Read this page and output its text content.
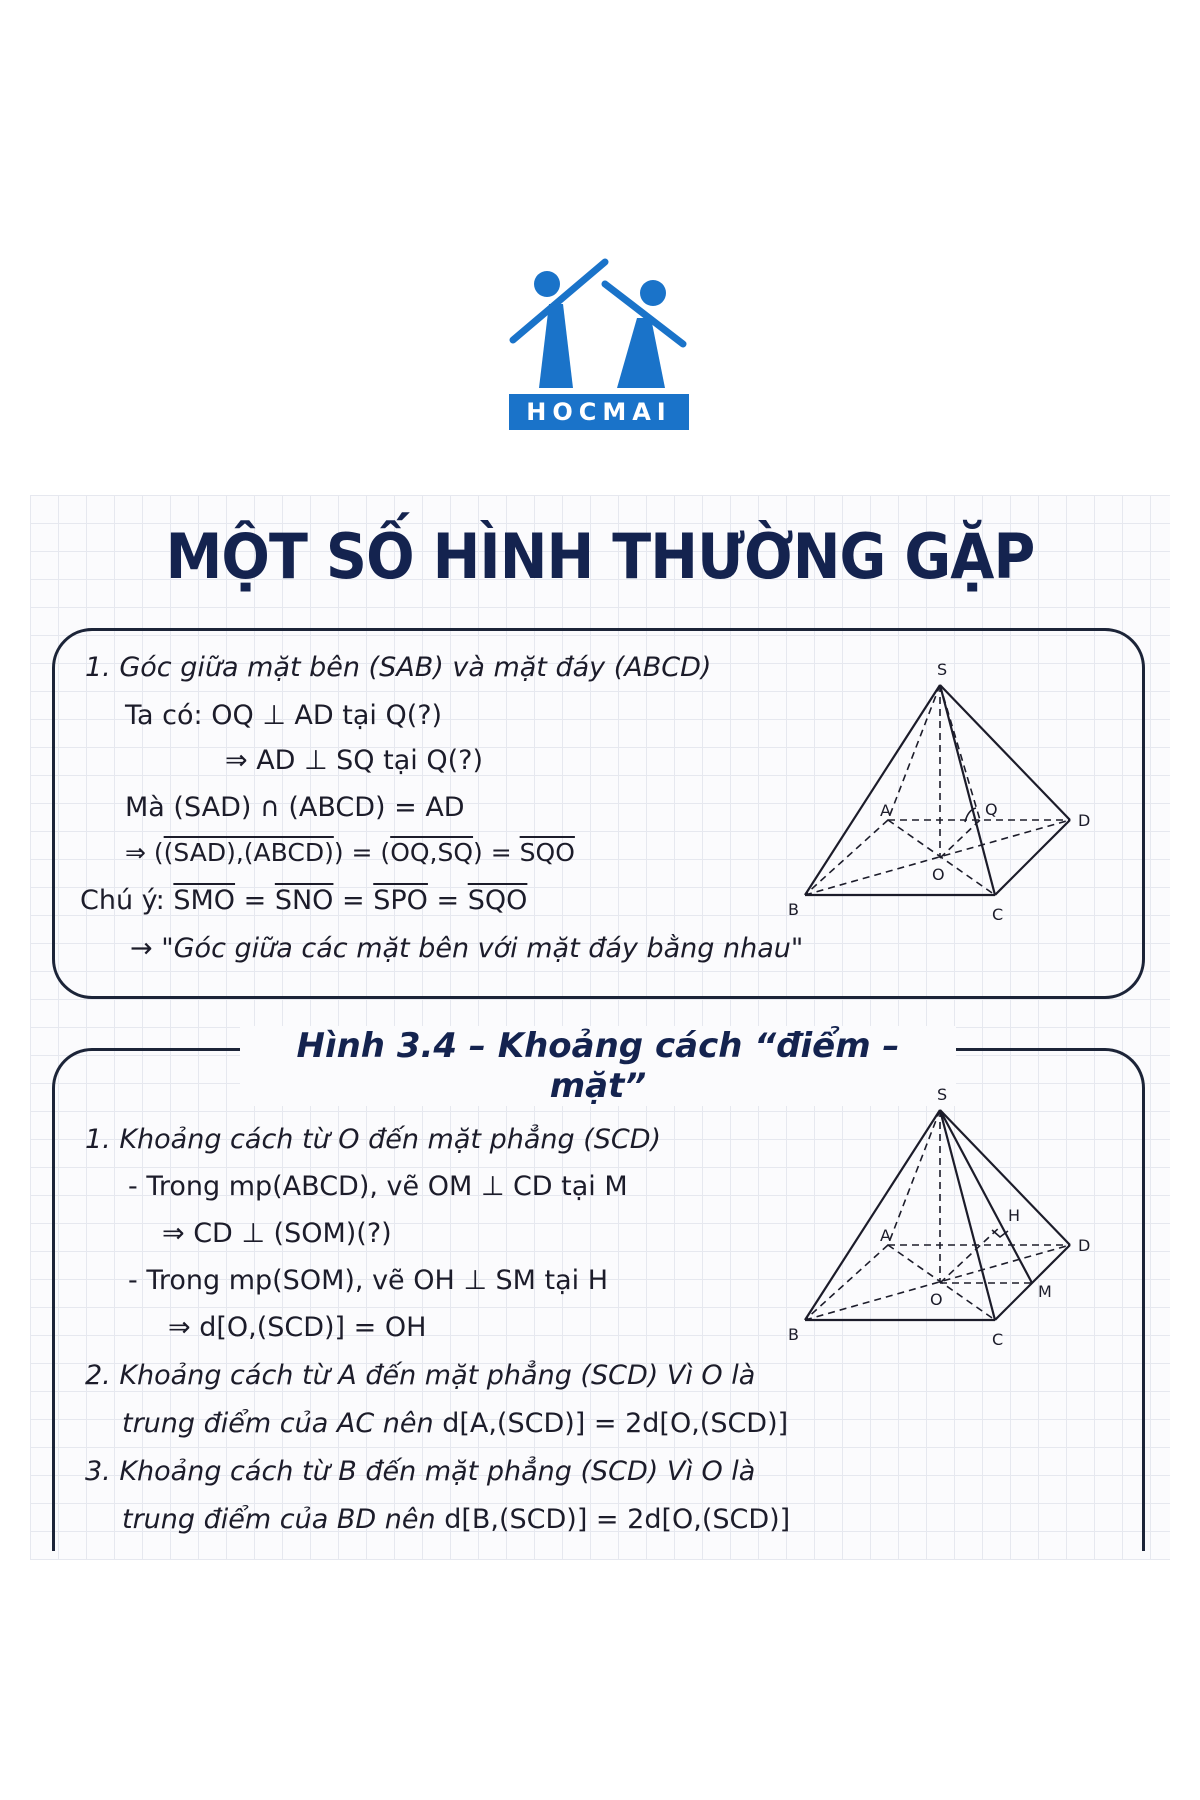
HOCMAI
MỘT SỐ HÌNH THƯỜNG GẶP
1. Góc giữa mặt bên (SAB) và mặt đáy (ABCD)
Ta có: OQ ⊥ AD tại Q(?)
⇒ AD ⊥ SQ tại Q(?)
Mà (SAD) ∩ (ABCD) = AD
⇒ ((SAD),(ABCD)) = $(OQ,SQ) = \overline{SQO}$
Chú ý: $\overline{SMO} = \overline{SNO} = \overline{SPO} = \overline{SQO}$
→ "Góc giữa các mặt bên với mặt đáy bằng nhau"
S
A	Q
D
O
B	C
Hình 3.4 – Khoảng cách “điểm – mặt”
1. Khoảng cách từ O đến mặt phẳng (SCD)
- Trong mp(ABCD), vẽ OM ⊥ CD tại M
⇒ CD ⊥ (SOM)(?)
- Trong mp(SOM), vẽ OH ⊥ SM tại H
⇒ d[O,(SCD)] = OH
2. Khoảng cách từ A đến mặt phẳng (SCD) Vì O là
trung điểm của AC nên d[A,(SCD)] = 2d[O,(SCD)]
3. Khoảng cách từ B đến mặt phẳng (SCD) Vì O là
trung điểm của BD nên d[B,(SCD)] = 2d[O,(SCD)]
S
A
H
D
O	M
B	C
